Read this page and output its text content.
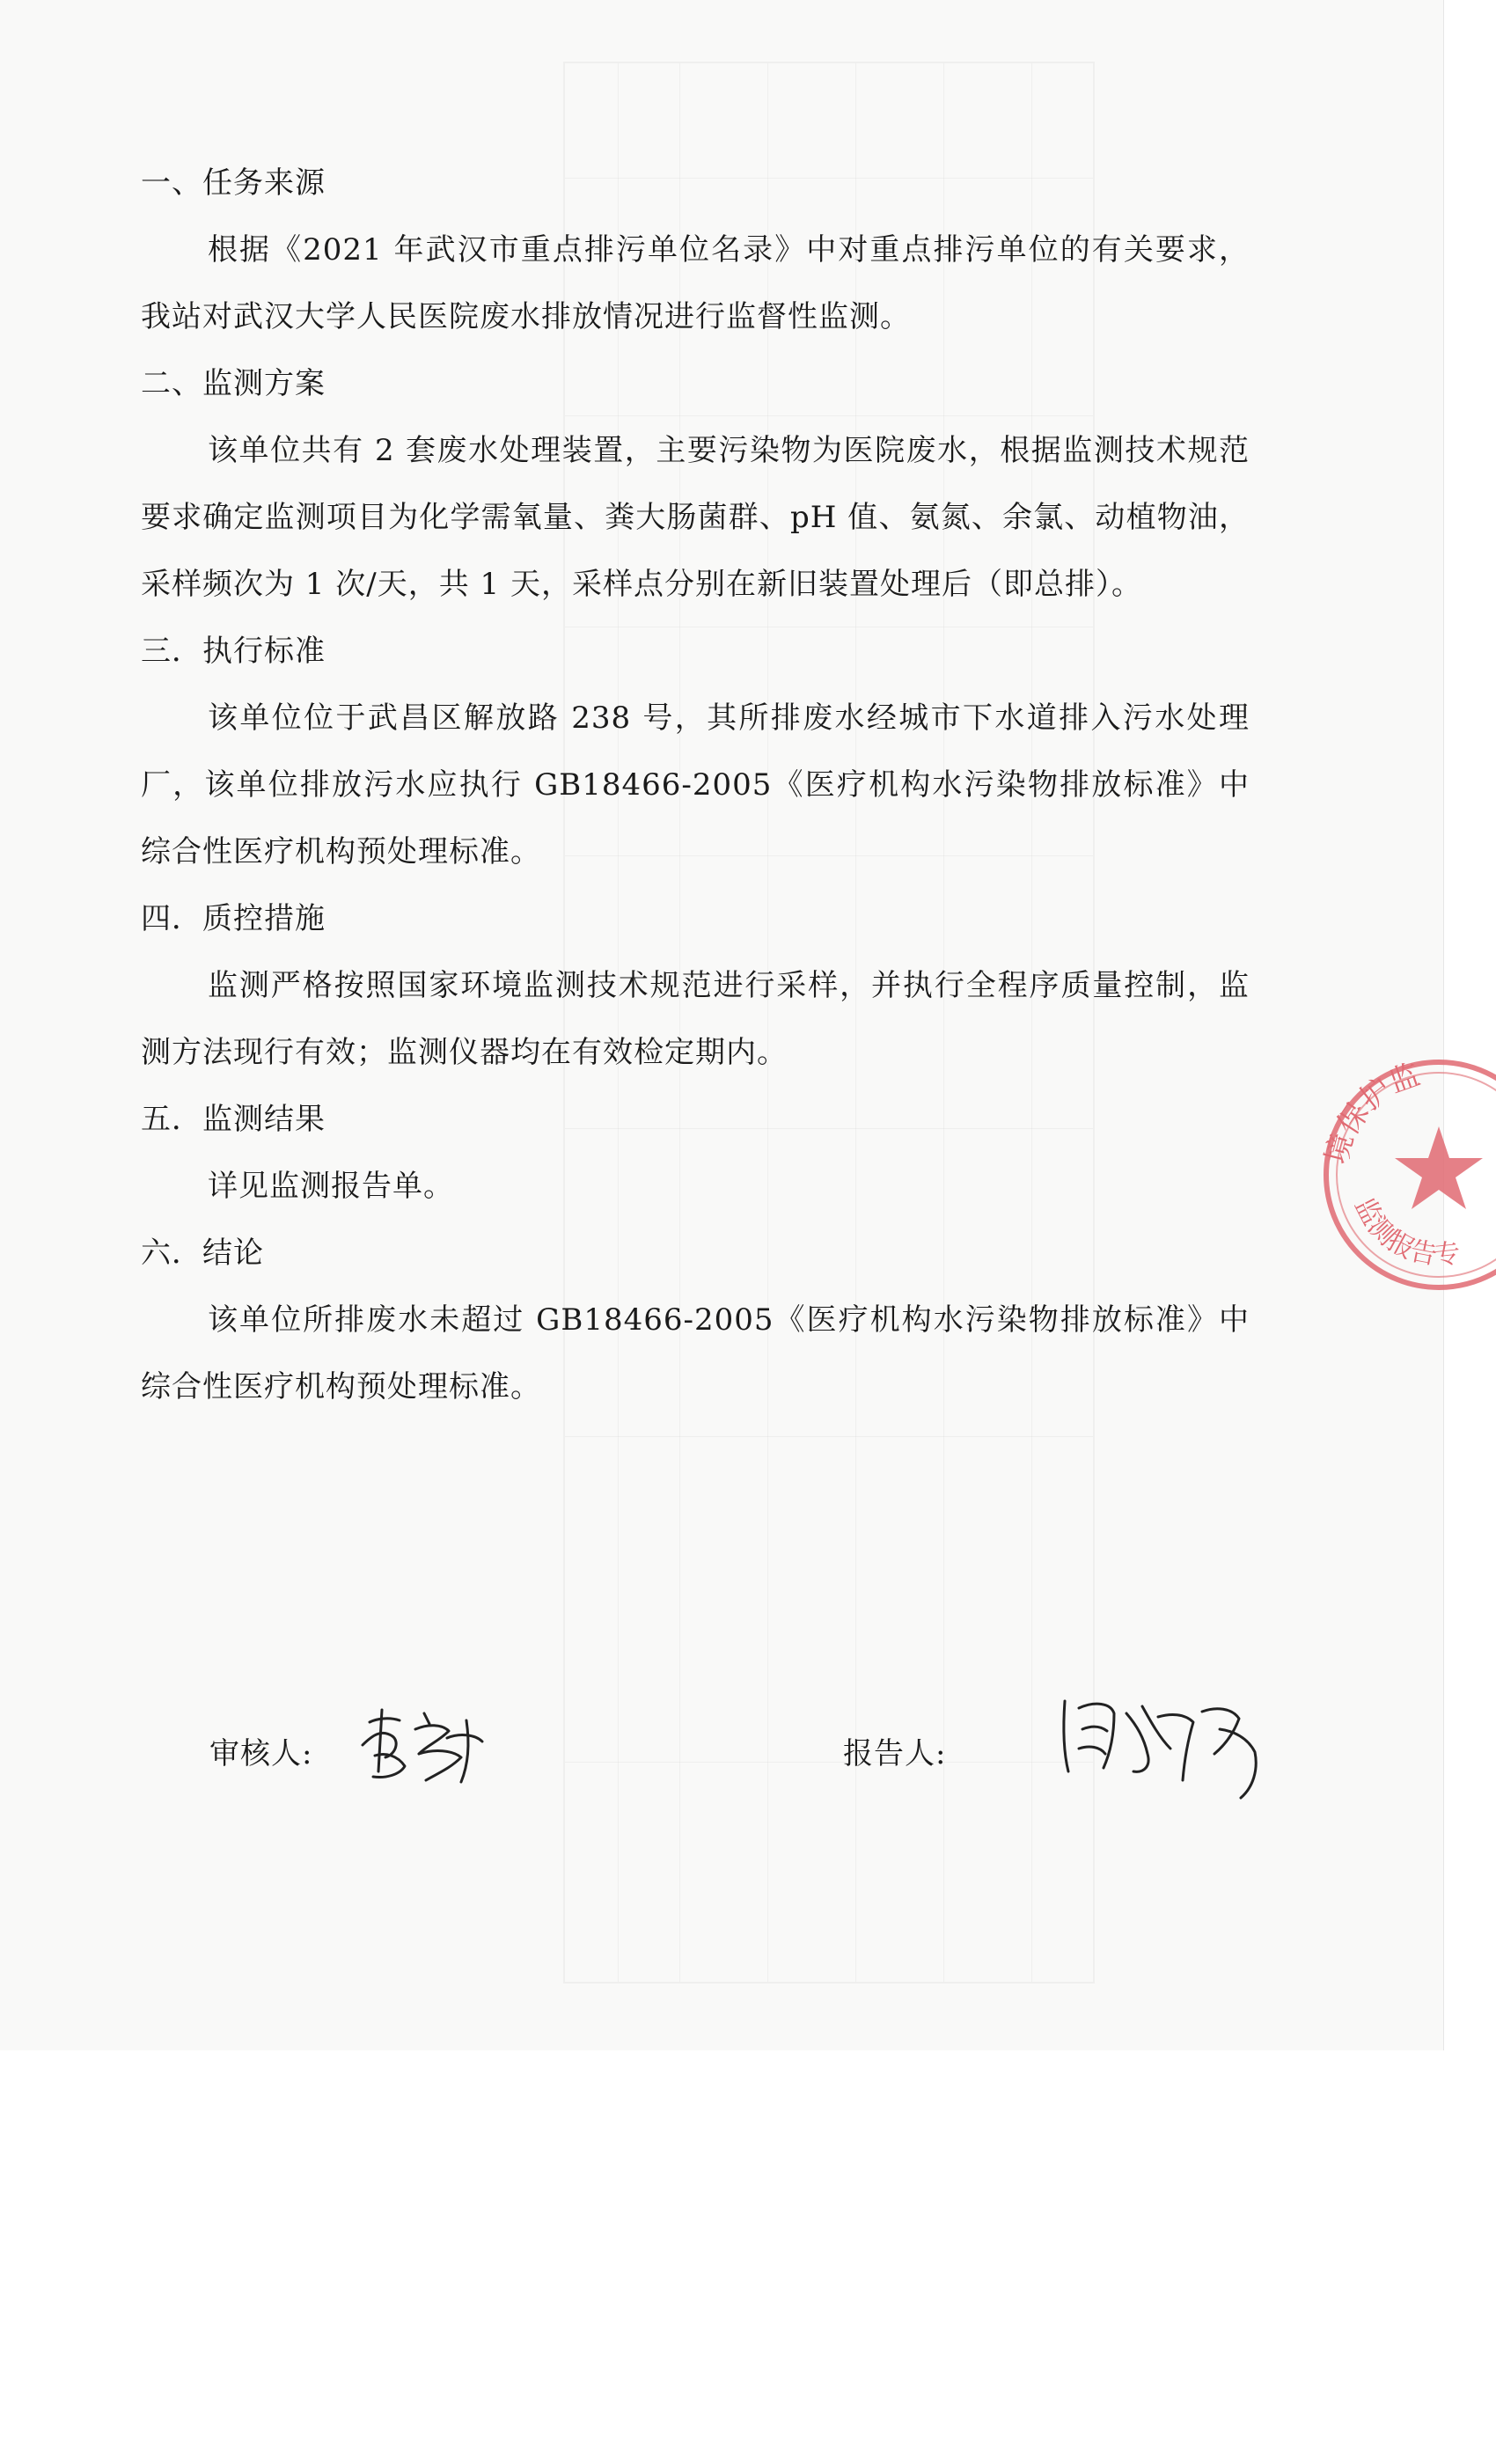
一、任务来源

根据《2021 年武汉市重点排污单位名录》中对重点排污单位的有关要求，我站对武汉大学人民医院废水排放情况进行监督性监测。

二、监测方案

该单位共有 2 套废水处理装置，主要污染物为医院废水，根据监测技术规范要求确定监测项目为化学需氧量、粪大肠菌群、pH 值、氨氮、余氯、动植物油，采样频次为 1 次/天，共 1 天，采样点分别在新旧装置处理后（即总排）。

三．执行标准

该单位位于武昌区解放路 238 号，其所排废水经城市下水道排入污水处理厂，该单位排放污水应执行 GB18466-2005《医疗机构水污染物排放标准》中综合性医疗机构预处理标准。

四．质控措施

监测严格按照国家环境监测技术规范进行采样，并执行全程序质量控制，监测方法现行有效；监测仪器均在有效检定期内。

五．监测结果

详见监测报告单。

六．结论

该单位所排废水未超过 GB18466-2005《医疗机构水污染物排放标准》中综合性医疗机构预处理标准。

审核人:	报告人:
境保护监
监测报告专
